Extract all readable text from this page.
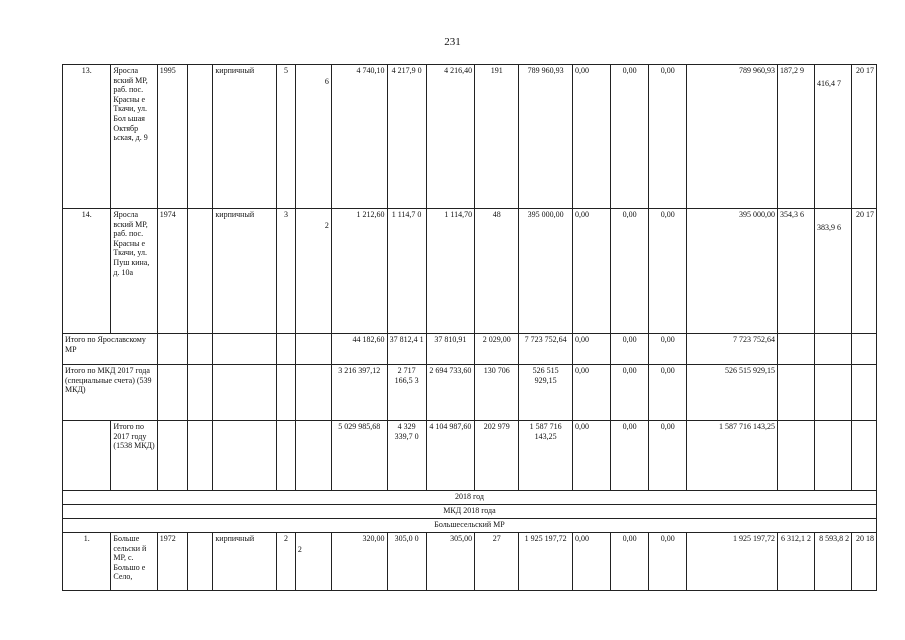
231
13.	Яросла вский МР, раб. пос. Красны е Ткачи, ул. Бол ьшая Октябр ьская, д. 9	1995		кирпичный	5	6	4 740,10	4 217,9 0	4 216,40	191	789 960,93	0,00	0,00	0,00	789 960,93	187,2 9	416,4 7	20 17
14.	Яросла вский МР, раб. пос. Красны е Ткачи, ул. Пуш кина, д. 10а	1974		кирпичный	3	2	1 212,60	1 114,7 0	1 114,70	48	395 000,00	0,00	0,00	0,00	395 000,00	354,3 6	383,9 6	20 17
Итого по Ярославскому МР							44 182,60	37 812,4 1	37 810,91	2 029,00	7 723 752,64	0,00	0,00	0,00	7 723 752,64			
Итого по МКД 2017 года (специальные счета) (539 МКД)							3 216 397,12	2 717 166,5 3	2 694 733,60	130 706	526 515 929,15	0,00	0,00	0,00	526 515 929,15			
	Итого по 2017 году (1538 МКД)						5 029 985,68	4 329 339,7 0	4 104 987,60	202 979	1 587 716 143,25	0,00	0,00	0,00	1 587 716 143,25			
2018 год																		
МКД 2018 года																		
Большесельский МР																		
1.	Больше сельски й МР, с. Большо е Село,	1972		кирпичный	2	2	320,00	305,0 0	305,00	27	1 925 197,72	0,00	0,00	0,00	1 925 197,72	6 312,1 2	8 593,8 2	20 18
